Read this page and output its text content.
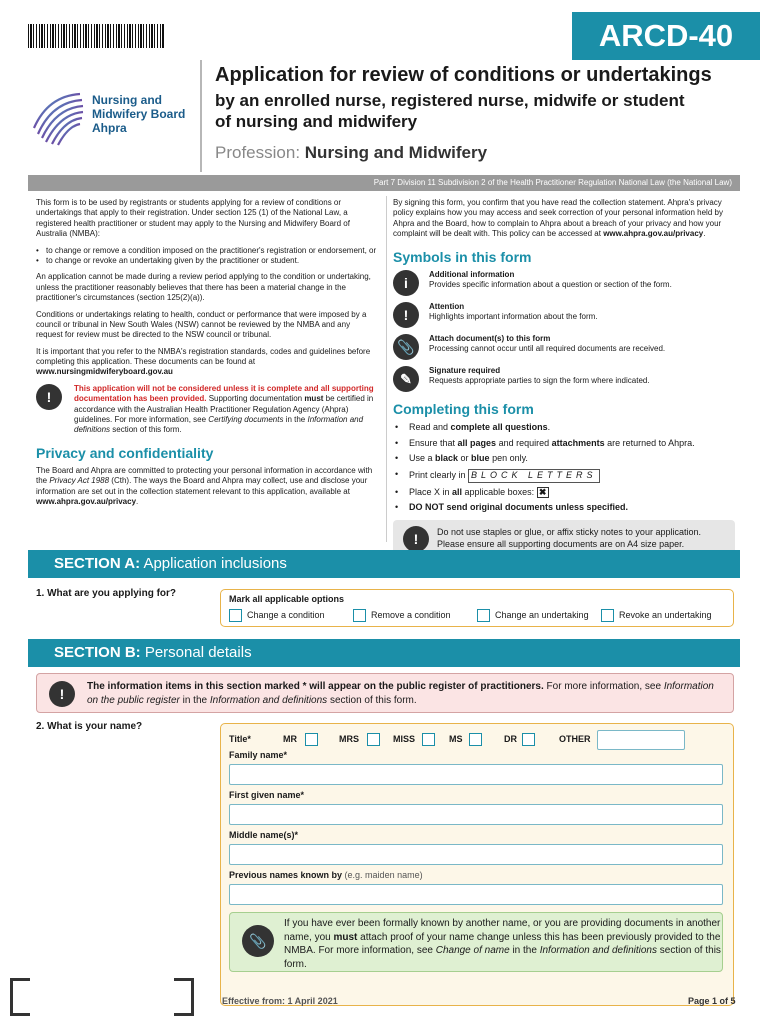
ARCD-40
Nursing and
Midwifery Board
Ahpra
Application for review of conditions or undertakings
by an enrolled nurse, registered nurse, midwife or student
of nursing and midwifery
Profession: Nursing and Midwifery
Part 7 Division 11 Subdivision 2 of the Health Practitioner Regulation National Law (the National Law)

This form is to be used by registrants or students applying for a review of conditions or undertakings that apply to their registration. Under section 125 (1) of the National Law, a registered health practitioner or student may apply to the Nursing and Midwifery Board of Australia (NMBA):

• to change or remove a condition imposed on the practitioner's registration or endorsement, or
• to change or revoke an undertaking given by the practitioner or student.

An application cannot be made during a review period applying to the condition or undertaking, unless the practitioner reasonably believes that there has been a material change in the practitioner's circumstances (section 125(2)(a)).

Conditions or undertakings relating to health, conduct or performance that were imposed by a council or tribunal in New South Wales (NSW) cannot be reviewed by the NMBA and any request for review must be directed to the NSW council or tribunal.

It is important that you refer to the NMBA's registration standards, codes and guidelines before completing this application. These documents can be found at www.nursingmidwiferyboard.gov.au

!
This application will not be considered unless it is complete and all supporting documentation has been provided. Supporting documentation must be certified in accordance with the Australian Health Practitioner Regulation Agency (Ahpra) guidelines. For more information, see Certifying documents in the Information and definitions section of this form.
Privacy and confidentiality

The Board and Ahpra are committed to protecting your personal information in accordance with the Privacy Act 1988 (Cth). The ways the Board and Ahpra may collect, use and disclose your information are set out in the collection statement relevant to this application, available at www.ahpra.gov.au/privacy.

By signing this form, you confirm that you have read the collection statement. Ahpra's privacy policy explains how you may access and seek correction of your personal information held by Ahpra and the Board, how to complain to Ahpra about a breach of your privacy and how your complaint will be dealt with. This policy can be accessed at www.ahpra.gov.au/privacy.

Symbols in this form
i
Additional information
Provides specific information about a question or section of the form.
!
Attention
Highlights important information about the form.
📎
Attach document(s) to this form
Processing cannot occur until all required documents are received.
✎
Signature required
Requests appropriate parties to sign the form where indicated.
Completing this form
• Read and complete all questions.
• Ensure that all pages and required attachments are returned to Ahpra.
• Use a black or blue pen only.
• Print clearly in BLOCK LETTERS
• Place X in all applicable boxes: ✖
• DO NOT send original documents unless specified.
!	Do not use staples or glue, or affix sticky notes to your application. Please ensure all supporting documents are on A4 size paper.
SECTION A: Application inclusions
1. What are you applying for?	Mark all applicable options
Change a condition	Remove a condition	Change an undertaking	Revoke an undertaking
SECTION B: Personal details
!	The information items in this section marked * will appear on the public register of practitioners. For more information, see Information on the public register in the Information and definitions section of this form.
2. What is your name?
Title*	MR	MRS	MISS	MS	DR	OTHER
Family name*
First given name*
Middle name(s)*
Previous names known by (e.g. maiden name)
📎
If you have ever been formally known by another name, or you are providing documents in another name, you must attach proof of your name change unless this has been previously provided to the NMBA. For more information, see Change of name in the Information and definitions section of this form.
Effective from: 1 April 2021	Page 1 of 5
